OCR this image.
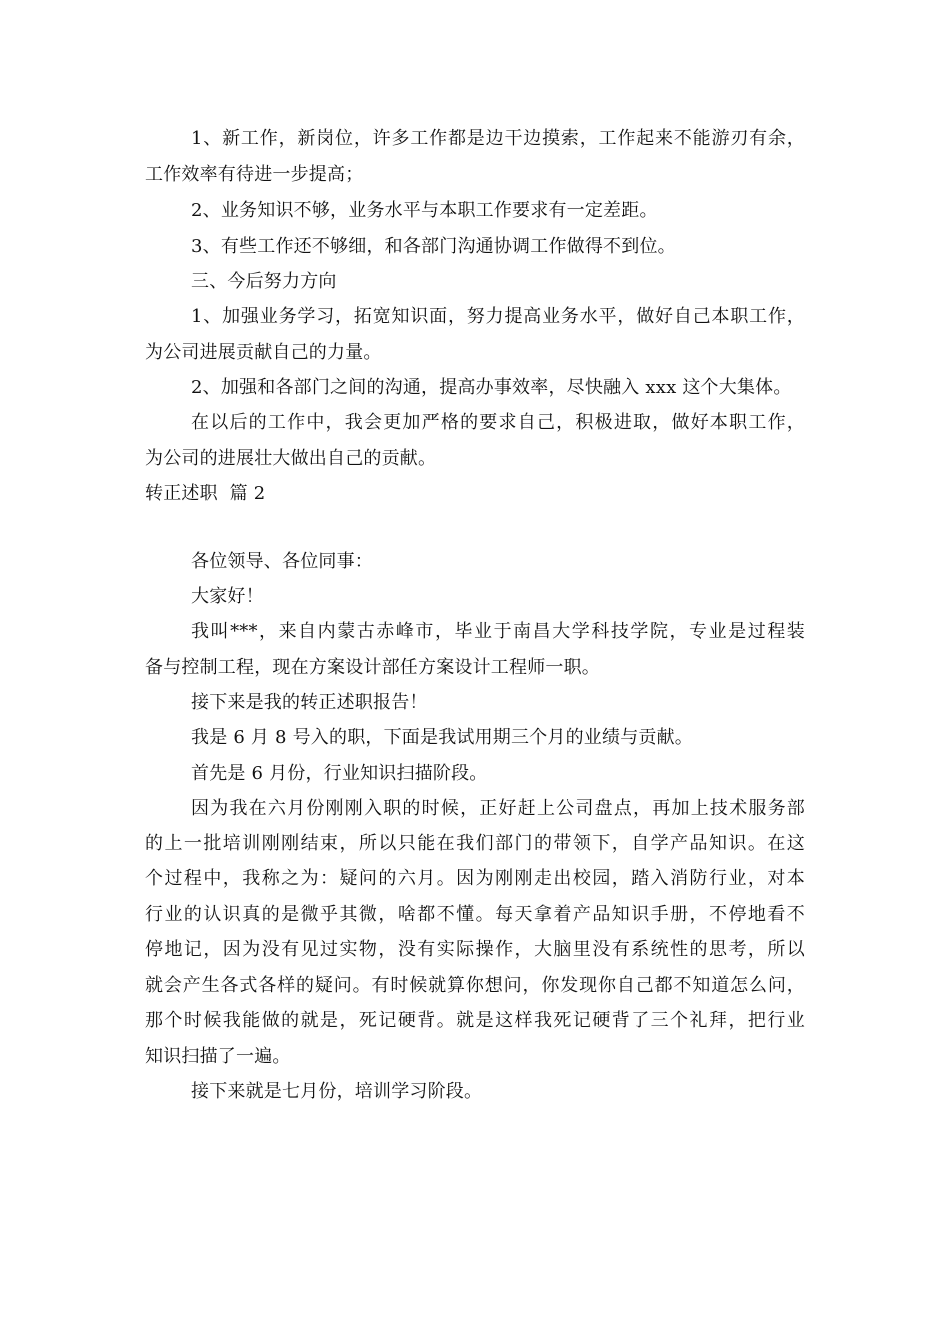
1、新工作，新岗位，许多工作都是边干边摸索，工作起来不能游刃有余，
工作效率有待进一步提高；
2、业务知识不够，业务水平与本职工作要求有一定差距。
3、有些工作还不够细，和各部门沟通协调工作做得不到位。
三、今后努力方向
1、加强业务学习，拓宽知识面，努力提高业务水平，做好自己本职工作，
为公司进展贡献自己的力量。
2、加强和各部门之间的沟通，提高办事效率，尽快融入 xxx 这个大集体。
在以后的工作中，我会更加严格的要求自己，积极进取，做好本职工作，
为公司的进展壮大做出自己的贡献。
转正述职  篇 2
各位领导、各位同事：
大家好！
我叫***，来自内蒙古赤峰市，毕业于南昌大学科技学院，专业是过程装
备与控制工程，现在方案设计部任方案设计工程师一职。
接下来是我的转正述职报告！
我是 6 月 8 号入的职，下面是我试用期三个月的业绩与贡献。
首先是 6 月份，行业知识扫描阶段。
因为我在六月份刚刚入职的时候，正好赶上公司盘点，再加上技术服务部
的上一批培训刚刚结束，所以只能在我们部门的带领下，自学产品知识。在这
个过程中，我称之为：疑问的六月。因为刚刚走出校园，踏入消防行业，对本
行业的认识真的是微乎其微，啥都不懂。每天拿着产品知识手册，不停地看不
停地记，因为没有见过实物，没有实际操作，大脑里没有系统性的思考，所以
就会产生各式各样的疑问。有时候就算你想问，你发现你自己都不知道怎么问，
那个时候我能做的就是，死记硬背。就是这样我死记硬背了三个礼拜，把行业
知识扫描了一遍。
接下来就是七月份，培训学习阶段。
